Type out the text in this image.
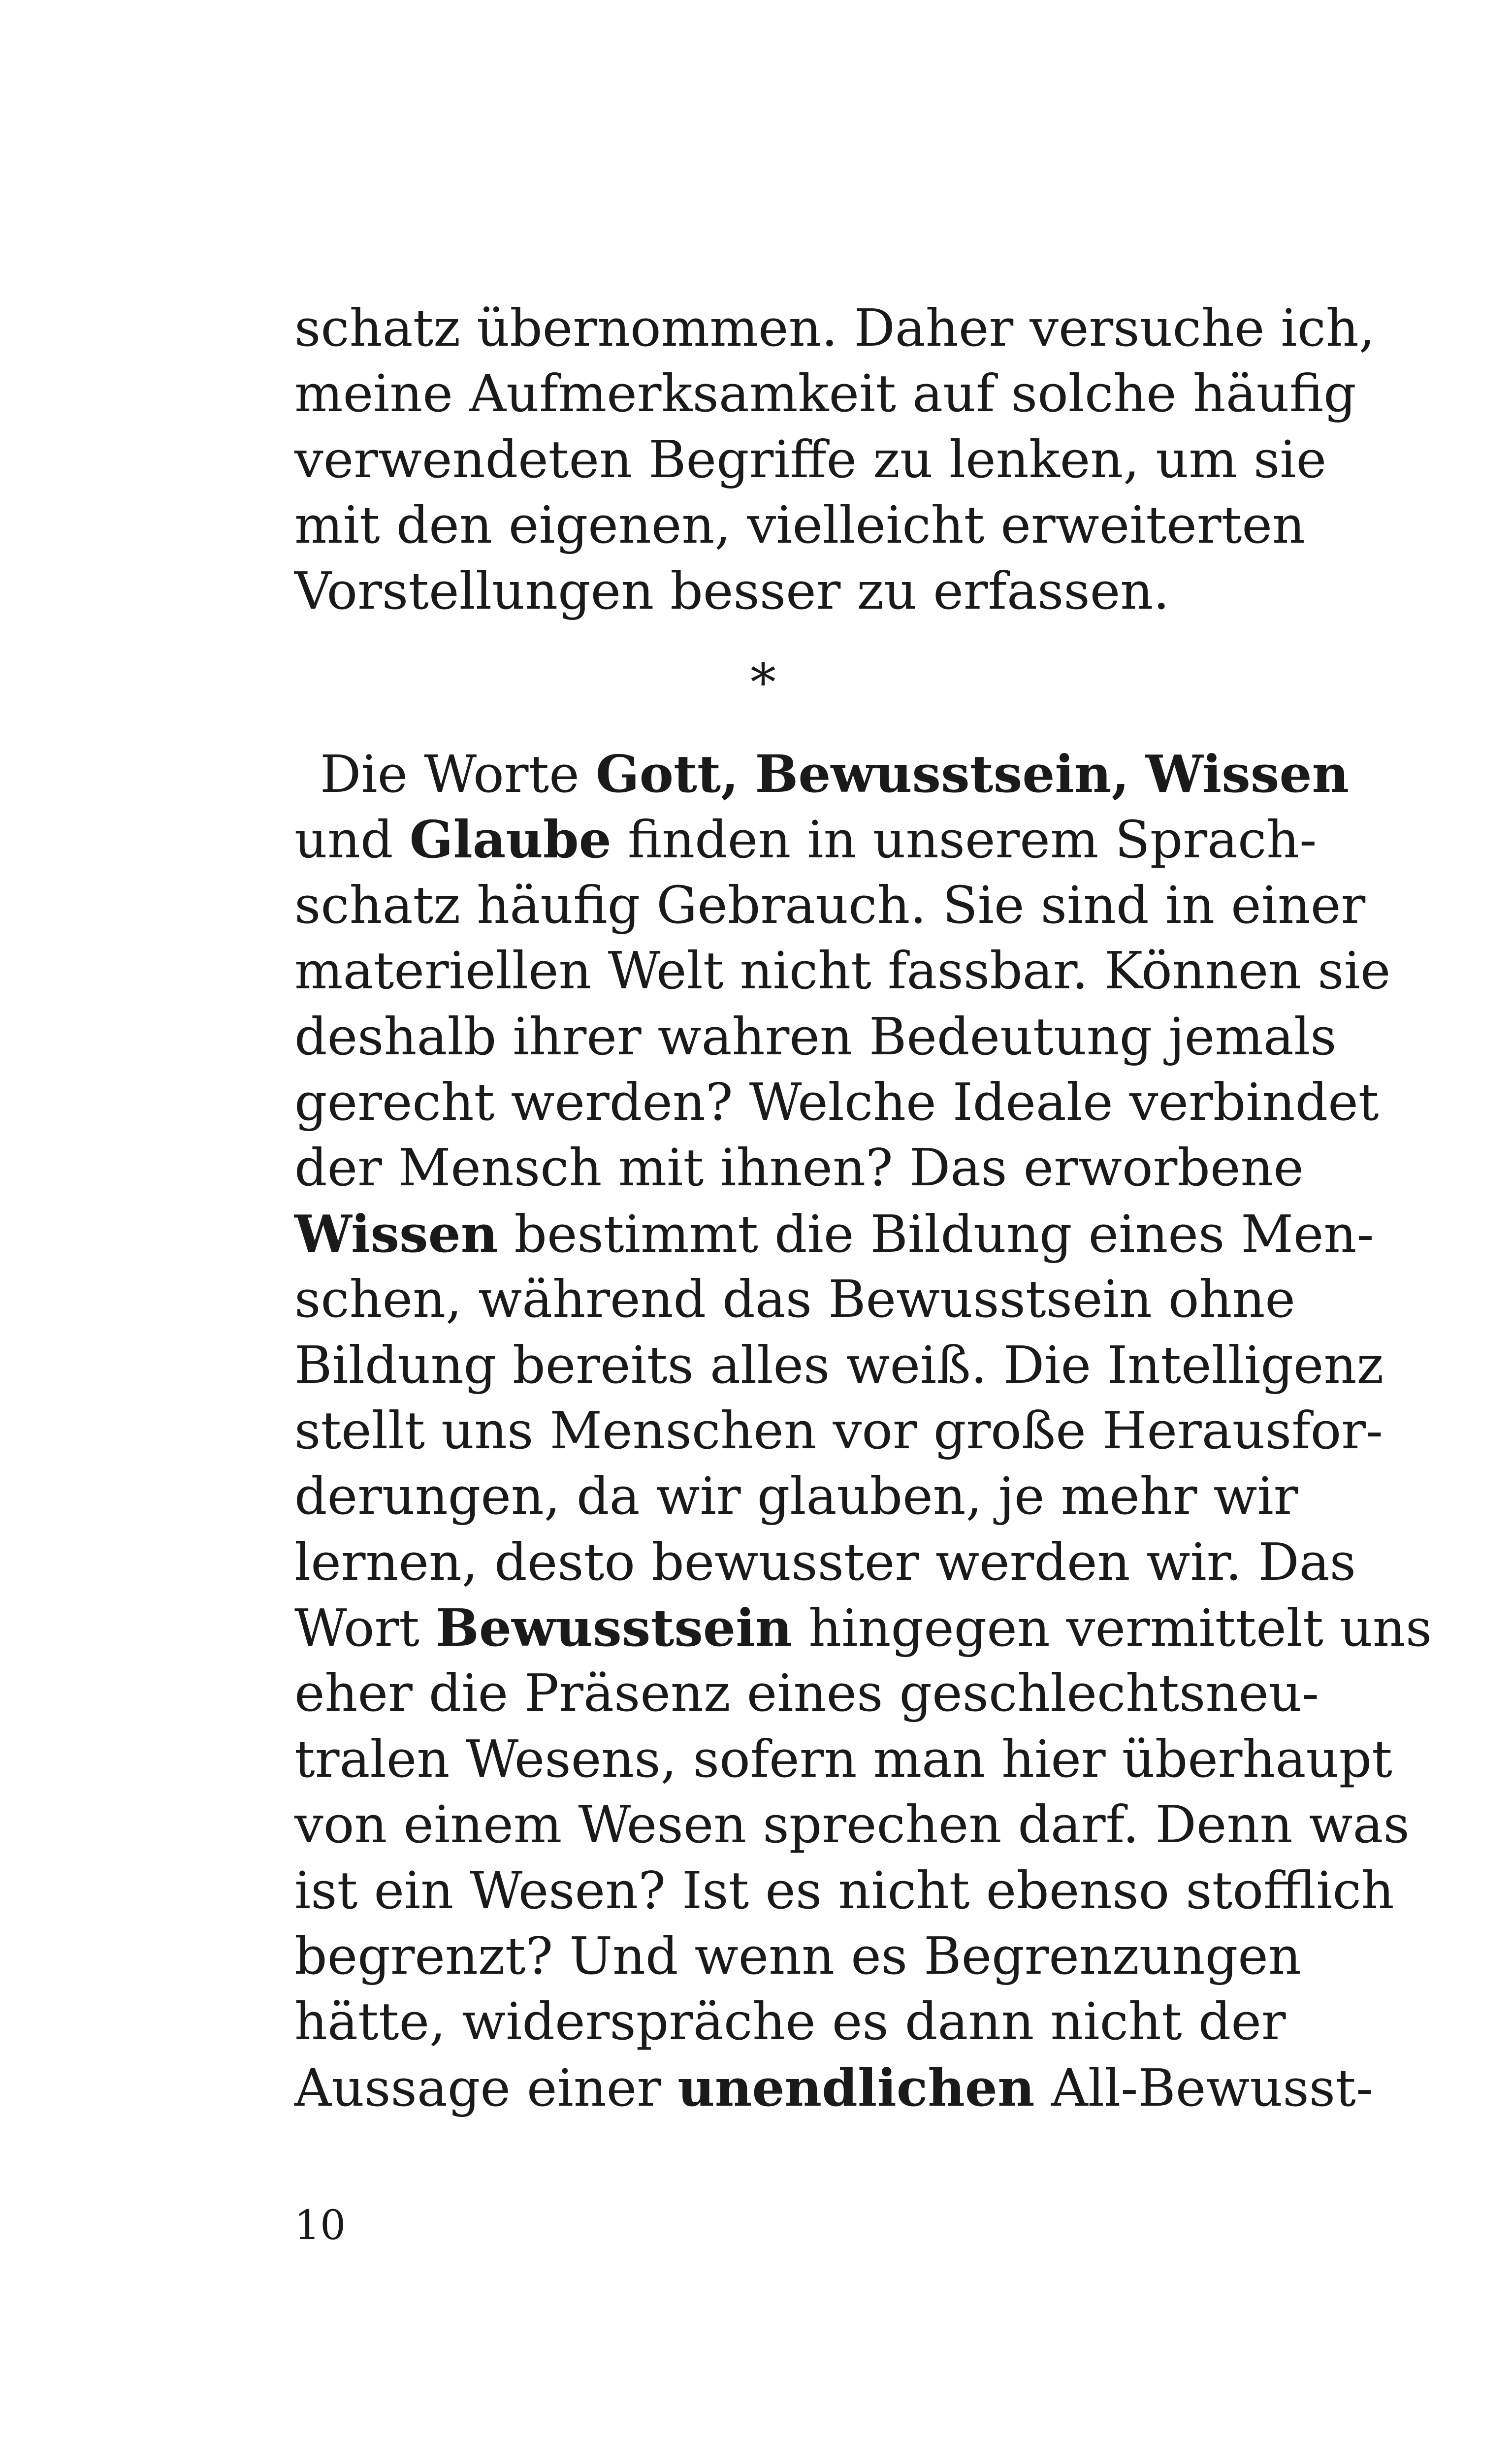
schatz übernommen. Daher versuche ich,
meine Aufmerksamkeit auf solche häufig
verwendeten Begriffe zu lenken, um sie
mit den eigenen, vielleicht erweiterten
Vorstellungen besser zu erfassen.
*
Die Worte Gott, Bewusstsein, Wissen
und Glaube finden in unserem Sprach-
schatz häufig Gebrauch. Sie sind in einer
materiellen Welt nicht fassbar. Können sie
deshalb ihrer wahren Bedeutung jemals
gerecht werden? Welche Ideale verbindet
der Mensch mit ihnen? Das erworbene
Wissen bestimmt die Bildung eines Men-
schen, während das Bewusstsein ohne
Bildung bereits alles weiß. Die Intelligenz
stellt uns Menschen vor große Herausfor-
derungen, da wir glauben, je mehr wir
lernen, desto bewusster werden wir. Das
Wort Bewusstsein hingegen vermittelt uns
eher die Präsenz eines geschlechtsneu-
tralen Wesens, sofern man hier überhaupt
von einem Wesen sprechen darf. Denn was
ist ein Wesen? Ist es nicht ebenso stofflich
begrenzt? Und wenn es Begrenzungen
hätte, widerspräche es dann nicht der
Aussage einer unendlichen All-Bewusst-
10
